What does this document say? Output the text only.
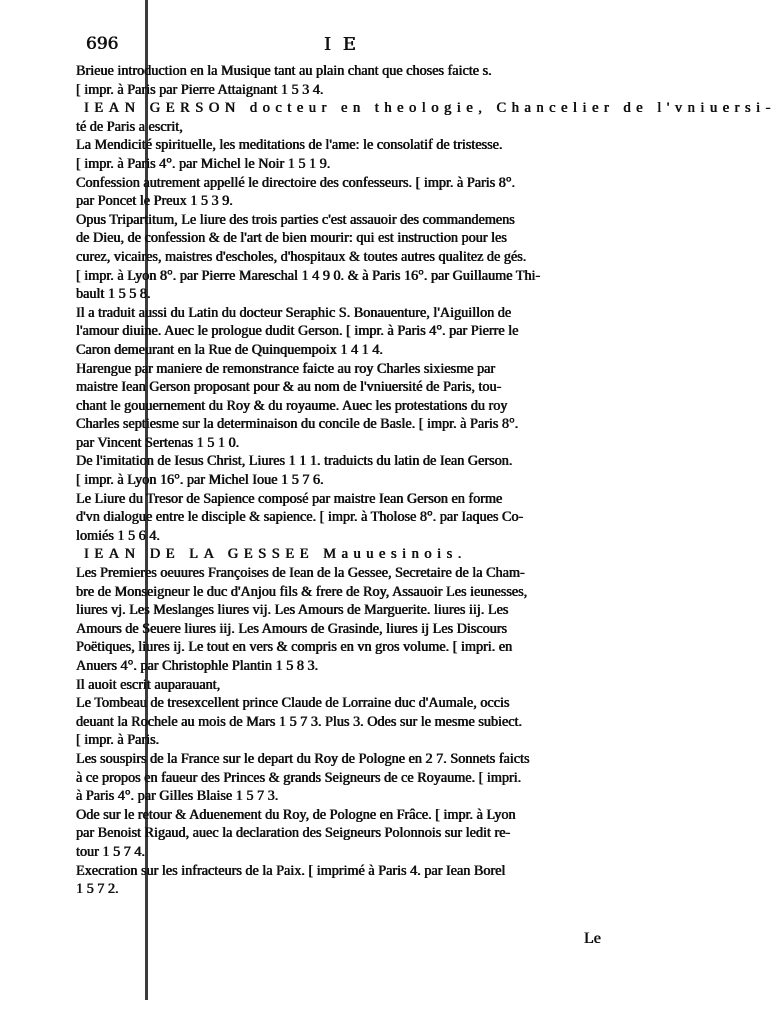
696	I E
Brieue introduction en la Musique tant au plain chant que choses faicte s.
[ impr. à Paris par Pierre Attaignant 1 5 3 4.
IEAN GERSON docteur en theologie, Chancelier de l'vniuersi-
té de Paris a escrit,
La Mendicité spirituelle, les meditations de l'ame: le consolatif de tristesse.
[ impr. à Paris 4°. par Michel le Noir 1 5 1 9.
Confession autrement appellé le directoire des confesseurs. [ impr. à Paris 8°.
par Poncet le Preux 1 5 3 9.
Opus Tripartitum, Le liure des trois parties c'est assauoir des commandemens
de Dieu, de confession & de l'art de bien mourir: qui est instruction pour les
curez, vicaires, maistres d'escholes, d'hospitaux & toutes autres qualitez de gés.
[ impr. à Lyon 8°. par Pierre Mareschal 1 4 9 0. & à Paris 16°. par Guillaume Thi-
bault 1 5 5 8.
Il a traduit aussi du Latin du docteur Seraphic S. Bonauenture, l'Aiguillon de
l'amour diuine. Auec le prologue dudit Gerson. [ impr. à Paris 4°. par Pierre le
Caron demeurant en la Rue de Quinquempoix 1 4 1 4.
Harengue par maniere de remonstrance faicte au roy Charles sixiesme par
maistre Iean Gerson proposant pour & au nom de l'vniuersité de Paris, tou-
chant le gouuernement du Roy & du royaume. Auec les protestations du roy
Charles septiesme sur la determinaison du concile de Basle. [ impr. à Paris 8°.
par Vincent Sertenas 1 5 1 0.
De l'imitation de Iesus Christ, Liures 1 1 1. traduicts du latin de Iean Gerson.
[ impr. à Lyon 16°. par Michel Ioue 1 5 7 6.
Le Liure du Tresor de Sapience composé par maistre Iean Gerson en forme
d'vn dialogue entre le disciple & sapience. [ impr. à Tholose 8°. par Iaques Co-
lomiés 1 5 6 4.
IEAN DE LA GESSEE Mauuesinois.
Les Premieres oeuures Françoises de Iean de la Gessee, Secretaire de la Cham-
bre de Monseigneur le duc d'Anjou fils & frere de Roy, Assauoir Les ieunesses,
liures vj. Les Meslanges liures vij. Les Amours de Marguerite. liures iij. Les
Amours de Seuere liures iij. Les Amours de Grasinde, liures ij Les Discours
Poëtiques, liures ij. Le tout en vers & compris en vn gros volume. [ impri. en
Anuers 4°. par Christophle Plantin 1 5 8 3.
Il auoit escrit auparauant,
Le Tombeau de tresexcellent prince Claude de Lorraine duc d'Aumale, occis
deuant la Rochele au mois de Mars 1 5 7 3. Plus 3. Odes sur le mesme subiect.
[ impr. à Paris.
Les souspirs de la France sur le depart du Roy de Pologne en 2 7. Sonnets faicts
à ce propos en faueur des Princes & grands Seigneurs de ce Royaume. [ impri.
à Paris 4°. par Gilles Blaise 1 5 7 3.
Ode sur le retour & Aduenement du Roy, de Pologne en Frâce. [ impr. à Lyon
par Benoist Rigaud, auec la declaration des Seigneurs Polonnois sur ledit re-
tour 1 5 7 4.
Execration sur les infracteurs de la Paix. [ imprimé à Paris 4. par Iean Borel
1 5 7 2.
Le
